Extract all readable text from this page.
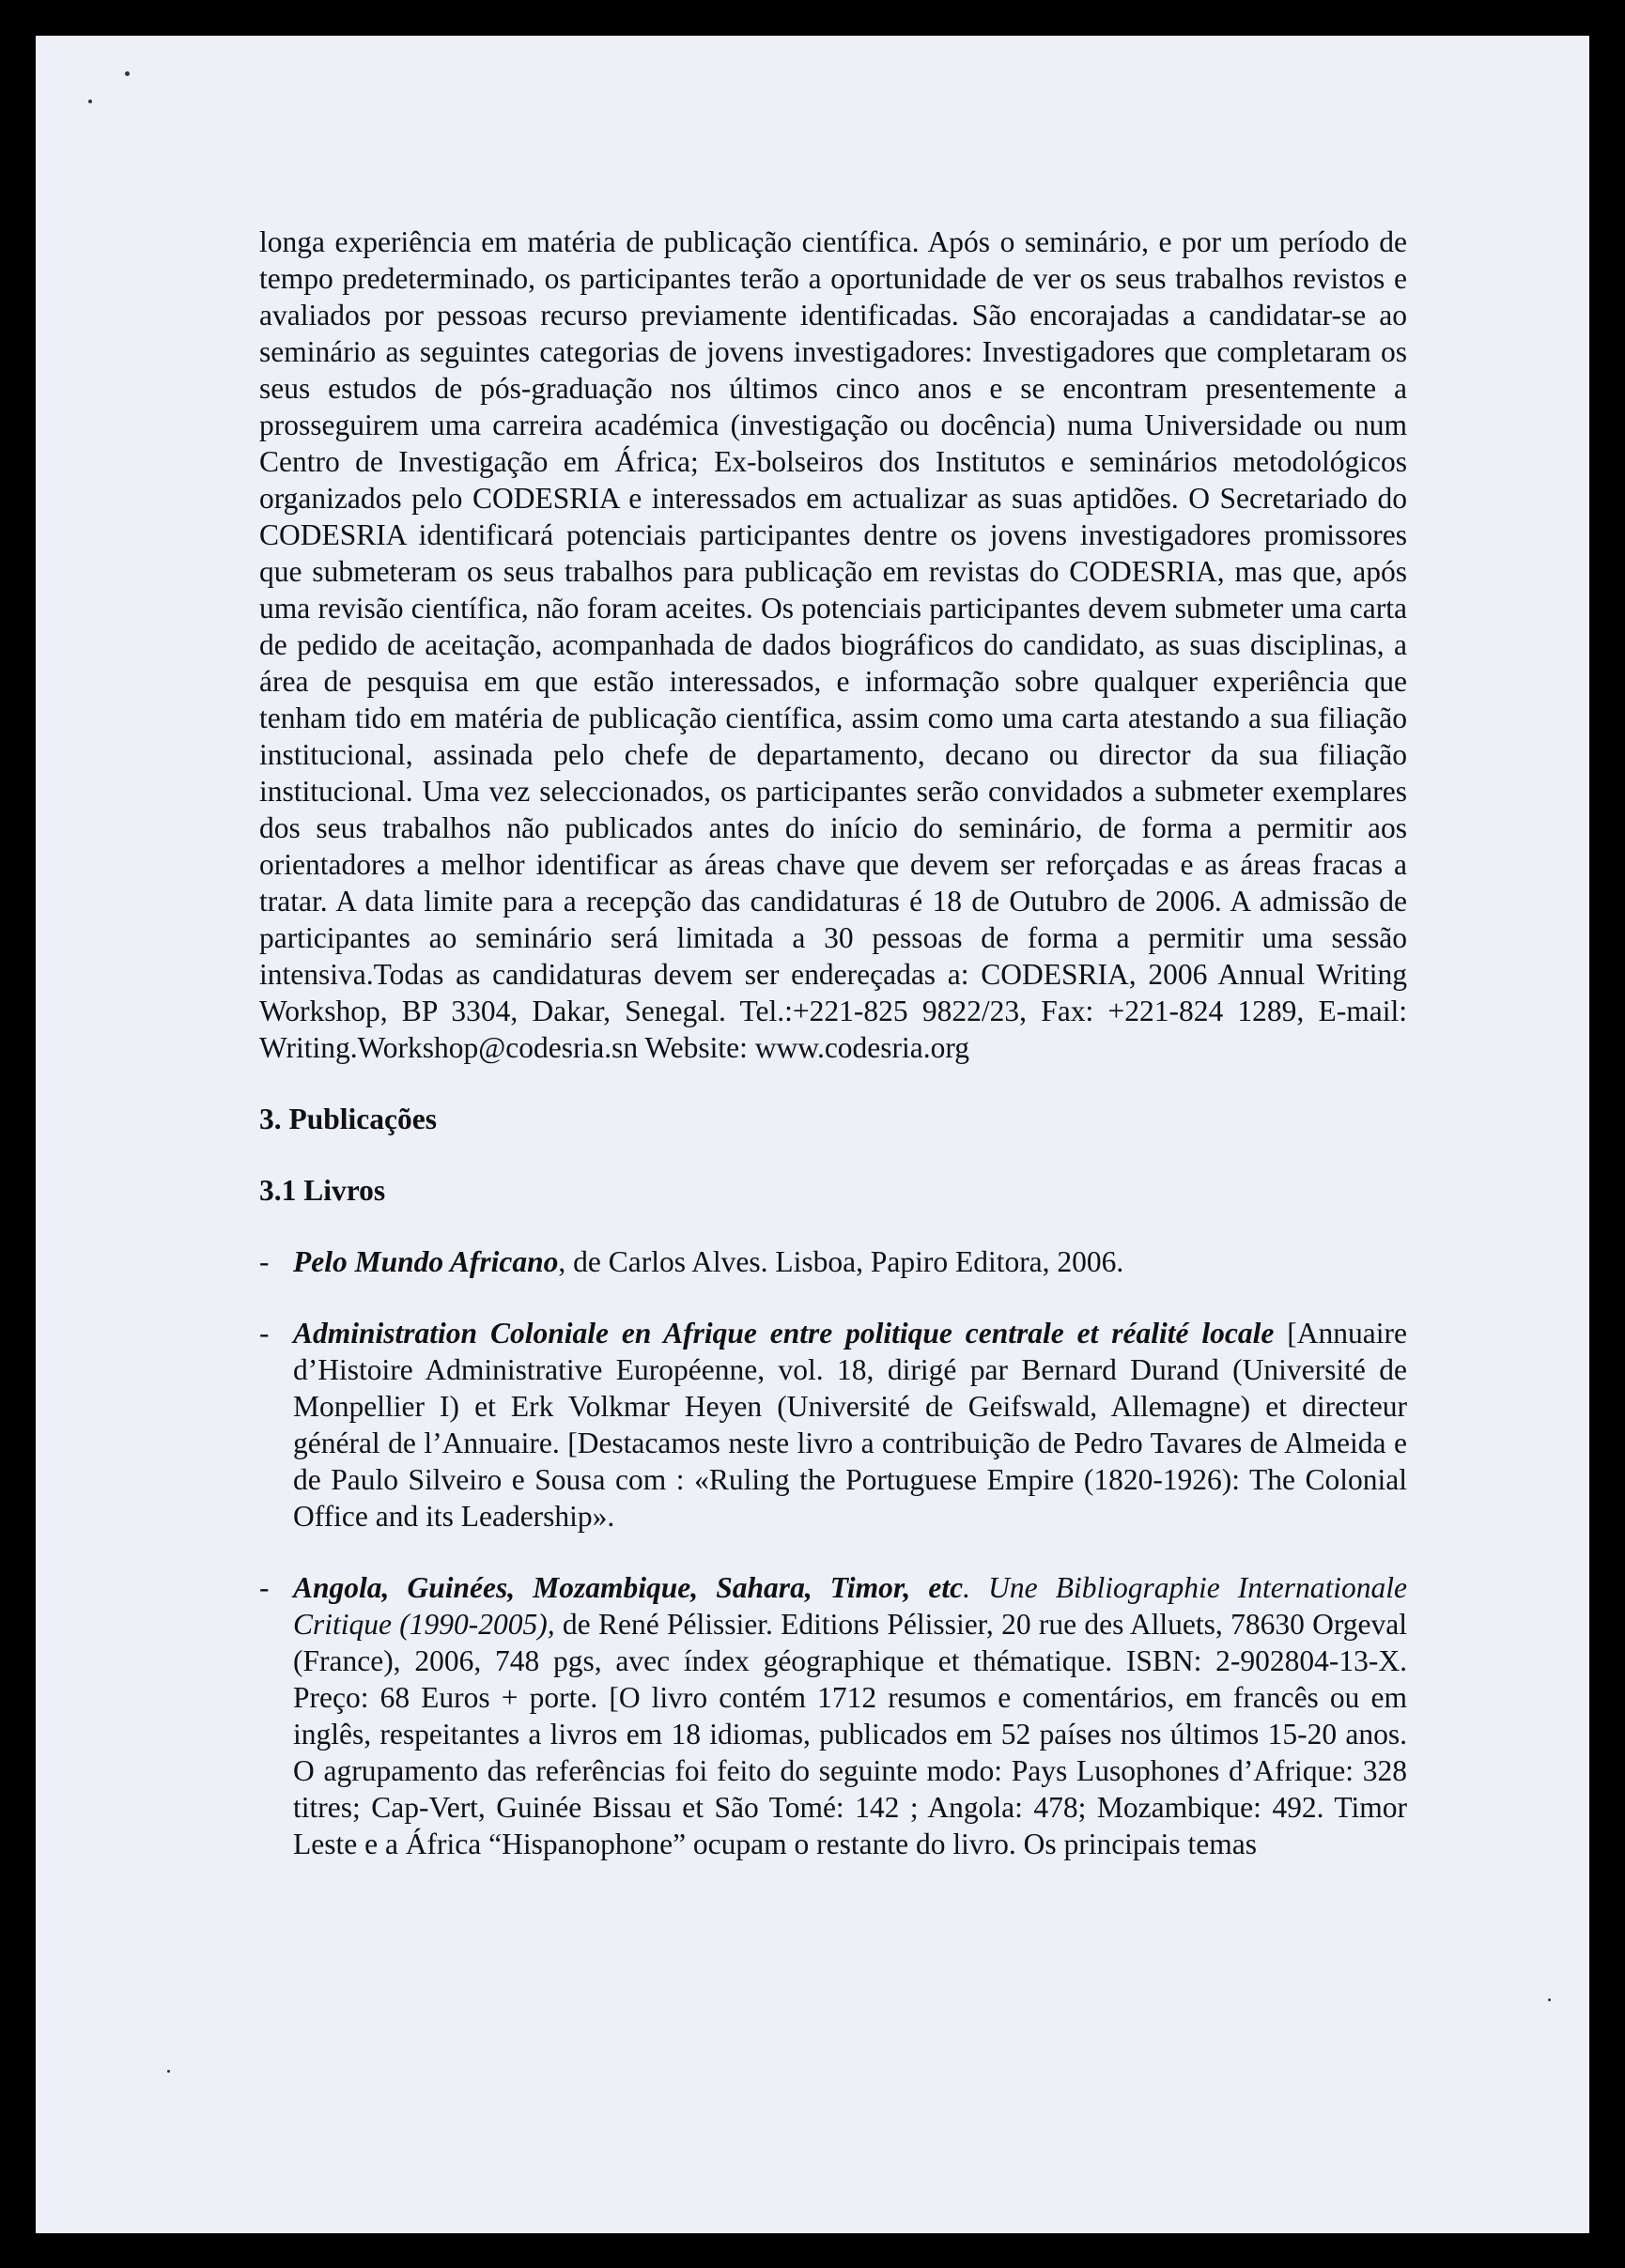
longa experiência em matéria de publicação científica. Após o seminário, e por um período de tempo predeterminado, os participantes terão a oportunidade de ver os seus trabalhos revistos e avaliados por pessoas recurso previamente identificadas. São encorajadas a candidatar-se ao seminário as seguintes categorias de jovens investigadores: Investigadores que completaram os seus estudos de pós-graduação nos últimos cinco anos e se encontram presentemente a prosseguirem uma carreira académica (investigação ou docência) numa Universidade ou num Centro de Investigação em África; Ex-bolseiros dos Institutos e seminários metodológicos organizados pelo CODESRIA e interessados em actualizar as suas aptidões. O Secretariado do CODESRIA identificará potenciais participantes dentre os jovens investigadores promissores que submeteram os seus trabalhos para publicação em revistas do CODESRIA, mas que, após uma revisão científica, não foram aceites. Os potenciais participantes devem submeter uma carta de pedido de aceitação, acompanhada de dados biográficos do candidato, as suas disciplinas, a área de pesquisa em que estão interessados, e informação sobre qualquer experiência que tenham tido em matéria de publicação científica, assim como uma carta atestando a sua filiação institucional, assinada pelo chefe de departamento, decano ou director da sua filiação institucional. Uma vez seleccionados, os participantes serão convidados a submeter exemplares dos seus trabalhos não publicados antes do início do seminário, de forma a permitir aos orientadores a melhor identificar as áreas chave que devem ser reforçadas e as áreas fracas a tratar. A data limite para a recepção das candidaturas é 18 de Outubro de 2006. A admissão de participantes ao seminário será limitada a 30 pessoas de forma a permitir uma sessão intensiva.Todas as candidaturas devem ser endereçadas a: CODESRIA, 2006 Annual Writing Workshop, BP 3304, Dakar, Senegal. Tel.:+221-825 9822/23, Fax: +221-824 1289, E-mail: Writing.Workshop@codesria.sn Website: www.codesria.org

3. Publicações

3.1 Livros

- Pelo Mundo Africano, de Carlos Alves. Lisboa, Papiro Editora, 2006.
- Administration Coloniale en Afrique entre politique centrale et réalité locale [Annuaire d’Histoire Administrative Européenne, vol. 18, dirigé par Bernard Durand (Université de Monpellier I) et Erk Volkmar Heyen (Université de Geifswald, Allemagne) et directeur général de l’Annuaire. [Destacamos neste livro a contribuição de Pedro Tavares de Almeida e de Paulo Silveiro e Sousa com : «Ruling the Portuguese Empire (1820-1926): The Colonial Office and its Leadership».
- Angola, Guinées, Mozambique, Sahara, Timor, etc. Une Bibliographie Internationale Critique (1990-2005), de René Pélissier. Editions Pélissier, 20 rue des Alluets, 78630 Orgeval (France), 2006, 748 pgs, avec índex géographique et thématique. ISBN: 2-902804-13-X. Preço: 68 Euros + porte. [O livro contém 1712 resumos e comentários, em francês ou em inglês, respeitantes a livros em 18 idiomas, publicados em 52 países nos últimos 15-20 anos. O agrupamento das referências foi feito do seguinte modo: Pays Lusophones d’Afrique: 328 titres; Cap-Vert, Guinée Bissau et São Tomé: 142 ; Angola: 478; Mozambique: 492. Timor Leste e a África “Hispanophone” ocupam o restante do livro. Os principais temas
